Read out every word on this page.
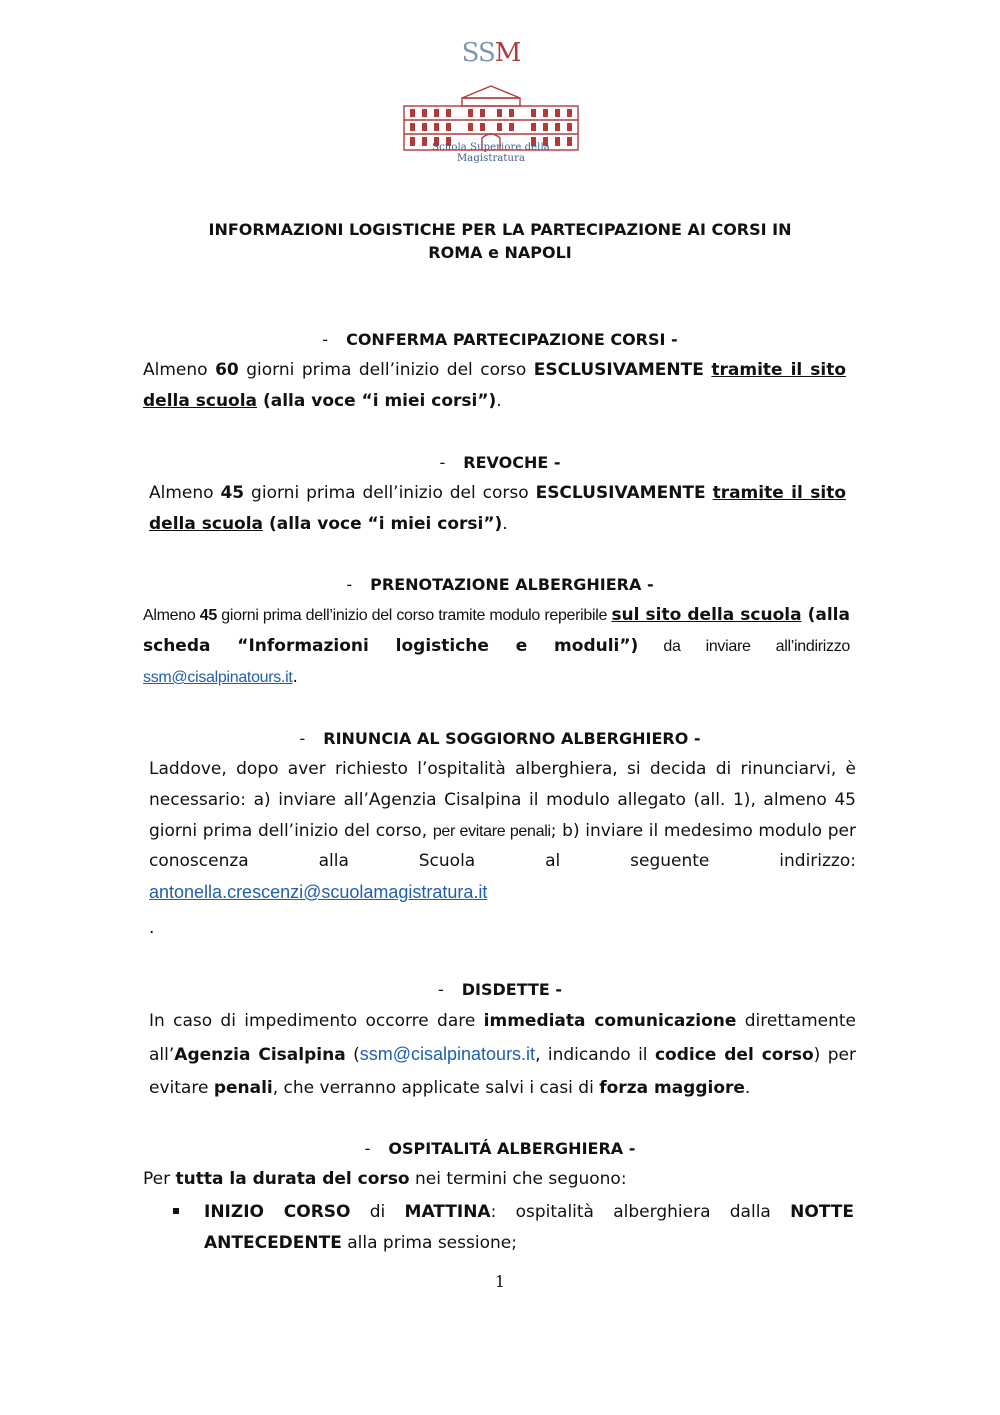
SSM
Scuola Superiore della Magistratura
INFORMAZIONI LOGISTICHE PER LA PARTECIPAZIONE AI CORSI IN
ROMA e NAPOLI
- CONFERMA PARTECIPAZIONE CORSI -
Almeno 60 giorni prima dell’inizio del corso ESCLUSIVAMENTE tramite il sito della scuola (alla voce “i miei corsi”).
- REVOCHE -
Almeno 45 giorni prima dell’inizio del corso ESCLUSIVAMENTE tramite il sito della scuola (alla voce “i miei corsi”).
- PRENOTAZIONE ALBERGHIERA -
Almeno 45 giorni prima dell’inizio del corso tramite modulo reperibile sul sito della scuola (alla scheda “Informazioni logistiche e moduli”) da inviare all’indirizzo ssm@cisalpinatours.it.
- RINUNCIA AL SOGGIORNO ALBERGHIERO -
Laddove, dopo aver richiesto l’ospitalità alberghiera, si decida di rinunciarvi, è necessario: a) inviare all’Agenzia Cisalpina il modulo allegato (all. 1), almeno 45 giorni prima dell’inizio del corso, per evitare penali; b) inviare il medesimo modulo per
conoscenza alla Scuola al seguente indirizzo:
antonella.crescenzi@scuolamagistratura.it
.
- DISDETTE -
In caso di impedimento occorre dare immediata comunicazione direttamente all’Agenzia Cisalpina (ssm@cisalpinatours.it, indicando il codice del corso) per evitare penali, che verranno applicate salvi i casi di forza maggiore.
- OSPITALITÁ ALBERGHIERA -
Per tutta la durata del corso nei termini che seguono:
INIZIO CORSO di MATTINA: ospitalità alberghiera dalla NOTTE ANTECEDENTE alla prima sessione;
1
